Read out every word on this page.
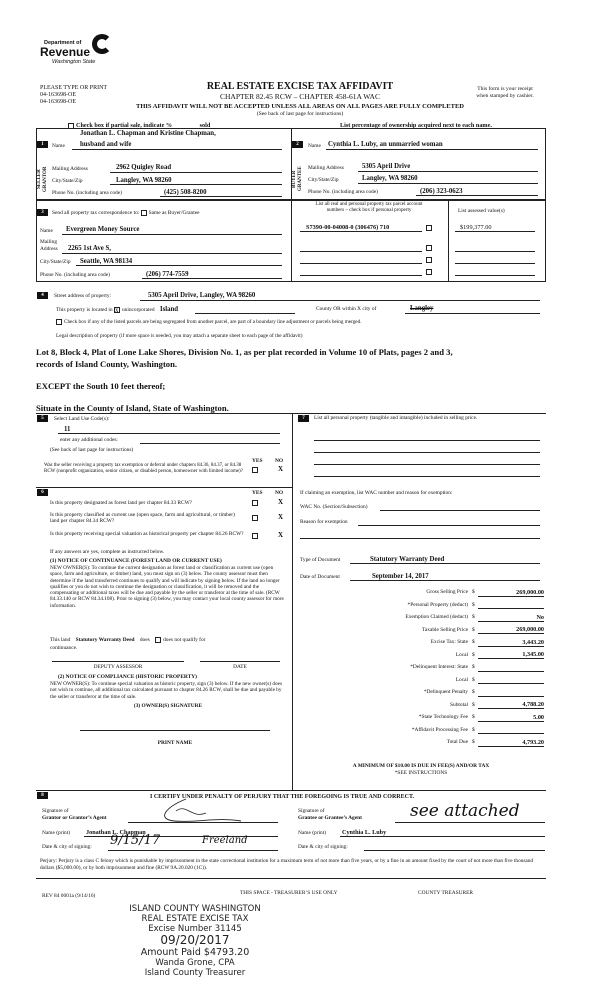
Department of
Revenue
Washington State
PLEASE TYPE OR PRINT
04-163698-OE
04-163698-OE
REAL ESTATE EXCISE TAX AFFIDAVIT
CHAPTER 82.45 RCW – CHAPTER 458-61A WAC
This form is your receipt
when stamped by cashier.
THIS AFFIDAVIT WILL NOT BE ACCEPTED UNLESS ALL AREAS ON ALL PAGES ARE FULLY COMPLETED
(See back of last page for instructions)
Check box if partial sale, indicate %	sold	List percentage of ownership acquired next to each name.
1
Jonathan L. Chapman and Kristine Chapman,
Name husband and wife
SELLER GRANTOR Mailing Address	2962 Quigley Road
City/State/Zip	Langley, WA 98260
Phone No. (including area code)	(425) 508-8200
2	Name Cynthia L. Luby, an unmarried woman
BUYER GRANTEE Mailing Address	5305 April Drive
City/State/Zip	Langley, WA 98260
Phone No. (including area code)	(206) 323-0623
3	Send all property tax correspondence to: Same as Buyer/Grantee
Name Evergreen Money Source
Mailing
Address 2265 1st Ave S,
City/State/Zip Seattle, WA 98134
Phone No. (including area code)	(206) 774-7559
List all real and personal property tax parcel account
numbers – check box if personal property	List assessed value(s)
S7390-00-04008-0 (306476) 710	$199,377.00
4	Street address of property:	5305 April Drive, Langley, WA 98260
This property is located in x unincorporated Island	County OR within X city of	Langley
Check box if any of the listed parcels are being segregated from another parcel, are part of a boundary line adjustment or parcels being merged.
Legal description of property (if more space is needed, you may attach a separate sheet to each page of the affidavit)
Lot 8, Block 4, Plat of Lone Lake Shores, Division No. 1, as per plat recorded in Volume 10 of Plats, pages 2 and 3,
records of Island County, Washington.
EXCEPT the South 10 feet thereof;
Situate in the County of Island, State of Washington.
5	Select Land Use Code(s):
11
enter any additional codes:
(See back of last page for instructions)
YES NO
Was the seller receiving a property tax exemption or deferral under chapters 84.36, 84.37, or 84.38 RCW (nonprofit organization, senior citizen, or disabled person, homeowner with limited income)?	X
6	YES NO
Is this property designated as forest land per chapter 84.33 RCW?	X
Is this property classified as current use (open space, farm and agricultural, or timber) land per chapter 84.34 RCW?
X
Is this property receiving special valuation as historical property per chapter 84.26 RCW?	X
If any answers are yes, complete as instructed below.
(1) NOTICE OF CONTINUANCE (FOREST LAND OR CURRENT USE)
NEW OWNER(S): To continue the current designation as forest land or classification as current use (open space, farm and agriculture, or timber) land, you must sign on (3) below. The county assessor must then determine if the land transferred continues to qualify and will indicate by signing below. If the land no longer qualifies or you do not wish to continue the designation or classification, it will be removed and the compensating or additional taxes will be due and payable by the seller or transferor at the time of sale. (RCW 84.33.140 or RCW 84.34.108). Prior to signing (3) below, you may contact your local county assessor for more information.
This land Statutory Warranty Deed does does not qualify for
continuance.
DEPUTY ASSESSOR	DATE
(2) NOTICE OF COMPLIANCE (HISTORIC PROPERTY)
NEW OWNER(S): To continue special valuation as historic property, sign (3) below. If the new owner(s) does not wish to continue, all additional tax calculated pursuant to chapter 84.26 RCW, shall be due and payable by the seller or transferor at the time of sale.
(3) OWNER(S) SIGNATURE
PRINT NAME
7	List all personal property (tangible and intangible) included in selling price.
If claiming an exemption, list WAC number and reason for exemption:
WAC No. (Section/Subsection)
Reason for exemption
Type of Document	Statutory Warranty Deed
Date of Document	September 14, 2017
Gross Selling Price $	269,000.00
*Personal Property (deduct) $
Exemption Claimed (deduct) $	No
Taxable Selling Price $	269,000.00
Excise Tax: State $	3,443.20
Local $	1,345.00
*Delinquent Interest: State $
Local $
*Delinquent Penalty $
Subtotal $	4,788.20
*State Technology Fee $	5.00
*Affidavit Processing Fee $
Total Due $	4,793.20
A MINIMUM OF $10.00 IS DUE IN FEE(S) AND/OR TAX
*SEE INSTRUCTIONS
8	I CERTIFY UNDER PENALTY OF PERJURY THAT THE FOREGOING IS TRUE AND CORRECT.
Signature of
Grantor or Grantor’s Agent
Signature of
Grantee or Grantee’s Agent	see attached
Name (print)	Jonathan L. Chapman	Name (print)	Cynthia L. Luby
Date & city of signing: 9/15/17	Freeland
Date & city of signing:
Perjury: Perjury is a class C felony which is punishable by imprisonment in the state correctional institution for a maximum term of not more than five years, or by a fine in an amount fixed by the court of not more than five thousand dollars ($5,000.00), or by both imprisonment and fine (RCW 9A.20.020 (1C)).
REV 84 0001a (9/14/16)	THIS SPACE - TREASURER’S USE ONLY	COUNTY TREASURER
ISLAND COUNTY WASHINGTON
REAL ESTATE EXCISE TAX
Excise Number 31145
09/20/2017
Amount Paid $4793.20
Wanda Grone, CPA
Island County Treasurer
